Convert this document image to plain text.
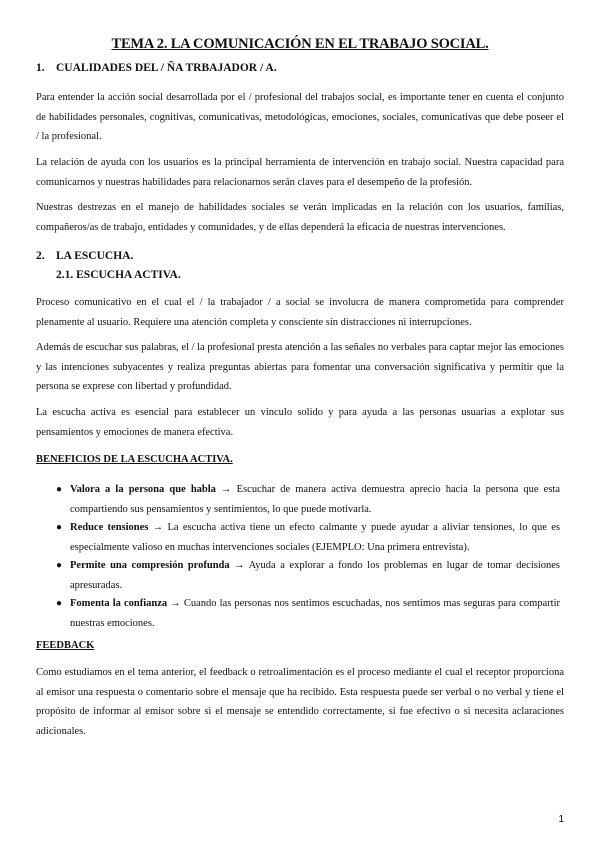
TEMA 2. LA COMUNICACIÓN EN EL TRABAJO SOCIAL.
1. CUALIDADES DEL / ÑA TRBAJADOR / A.
Para entender la acción social desarrollada por el / profesional del trabajos social, es importante tener en cuenta el conjunto de habilidades personales, cognitivas, comunicativas, metodológicas, emociones, sociales, comunicativas que debe poseer el / la profesional.
La relación de ayuda con los usuarios es la principal herramienta de intervención en trabajo social. Nuestra capacidad para comunicarnos y nuestras habilidades para relacionarnos serán claves para el desempeño de la profesión.
Nuestras destrezas en el manejo de habilidades sociales se verán implicadas en la relación con los usuarios, familias, compañeros/as de trabajo, entidades y comunidades, y de ellas dependerá la eficacia de nuestras intervenciones.
2. LA ESCUCHA.
2.1. ESCUCHA ACTIVA.
Proceso comunicativo en el cual el / la trabajador / a social se involucra de manera comprometida para comprender plenamente al usuario. Requiere una atención completa y consciente sin distracciones ni interrupciones.
Además de escuchar sus palabras, el / la profesional presta atención a las señales no verbales para captar mejor las emociones y las intenciones subyacentes y realiza preguntas abiertas para fomentar una conversación significativa y permitir que la persona se exprese con libertad y profundidad.
La escucha activa es esencial para establecer un vinculo solido y para ayuda a las personas usuarias a explotar sus pensamientos y emociones de manera efectiva.
BENEFICIOS DE LA ESCUCHA ACTIVA.
● Valora a la persona que habla → Escuchar de manera activa demuestra aprecio hacia la persona que esta compartiendo sus pensamientos y sentimientos, lo que puede motivarla.
● Reduce tensiones → La escucha activa tiene un efecto calmante y puede ayudar a aliviar tensiones, lo que es especialmente valioso en muchas intervenciones sociales (EJEMPLO: Una primera entrevista).
● Permite una compresión profunda → Ayuda a explorar a fondo los problemas en lugar de tomar decisiones apresuradas.
● Fomenta la confianza → Cuando las personas nos sentimos escuchadas, nos sentimos mas seguras para compartir nuestras emociones.
FEEDBACK
Como estudiamos en el tema anterior, el feedback o retroalimentación es el proceso mediante el cual el receptor proporciona al emisor una respuesta o comentario sobre el mensaje que ha recibido. Esta respuesta puede ser verbal o no verbal y tiene el propósito de informar al emisor sobre si el mensaje se entendido correctamente, si fue efectivo o si necesita aclaraciones adicionales.
1
